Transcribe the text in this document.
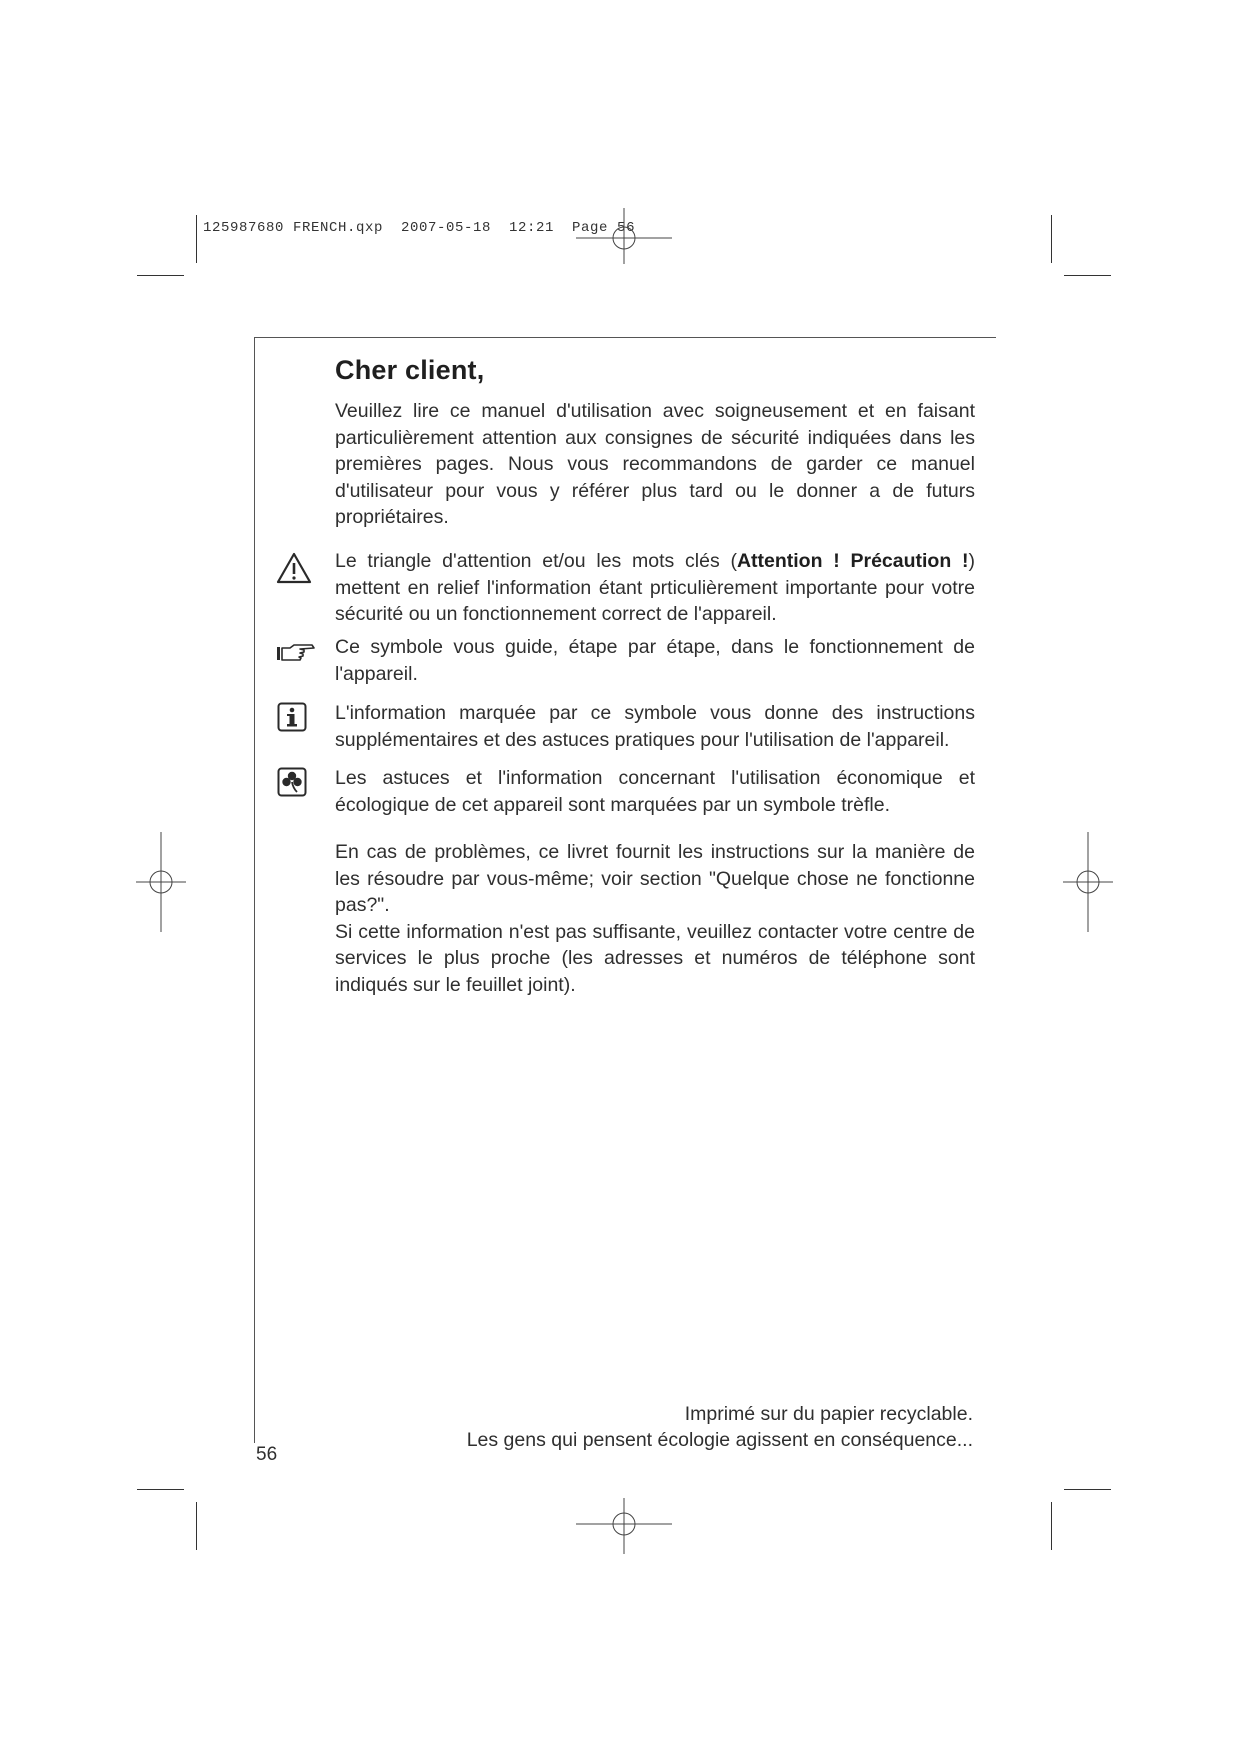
125987680 FRENCH.qxp  2007-05-18  12:21  Page 56
Cher client,

Veuillez lire ce manuel d'utilisation avec soigneusement et en faisant particulièrement attention aux consignes de sécurité indiquées dans les premières pages. Nous vous recommandons de garder ce manuel d'utilisateur pour vous y référer plus tard ou le donner a de futurs propriétaires.

Le triangle d'attention et/ou les mots clés (Attention ! Précaution !) mettent en relief l'information étant prticulièrement importante pour votre sécurité ou un fonctionnement correct de l'appareil.

Ce symbole vous guide, étape par étape, dans le fonctionnement de l'appareil.

L'information marquée par ce symbole vous donne des instructions supplémentaires et des astuces pratiques pour l'utilisation de l'appareil.

Les astuces et l'information concernant l'utilisation économique et écologique de cet appareil sont marquées par un symbole trèfle.

En cas de problèmes, ce livret fournit les instructions sur la manière de les résoudre par vous-même; voir section "Quelque chose ne fonctionne pas?".

Si cette information n'est pas suffisante, veuillez contacter votre centre de services le plus proche (les adresses et numéros de téléphone sont indiqués sur le feuillet joint).

Imprimé sur du papier recyclable.
Les gens qui pensent écologie agissent en conséquence...
56
